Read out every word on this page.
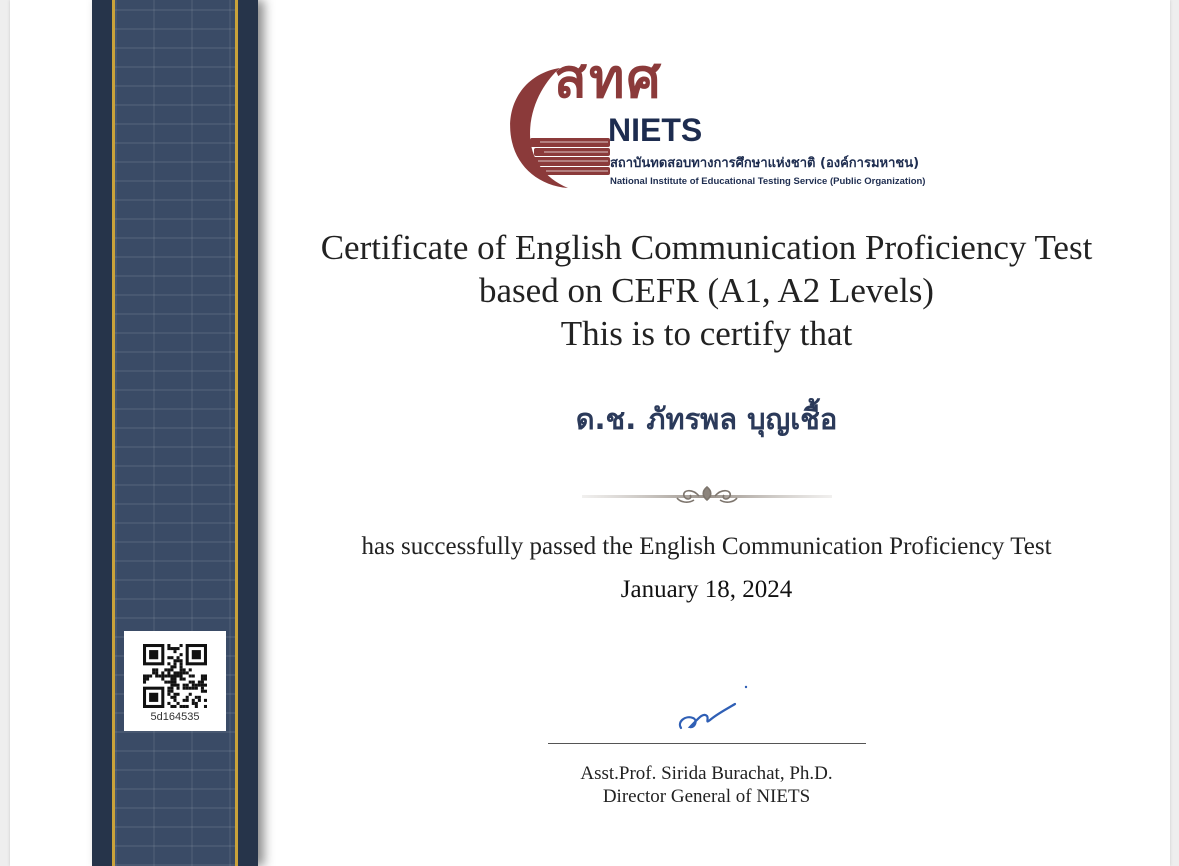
5d164535
สทศ
NIETS
สถาบันทดสอบทางการศึกษาแห่งชาติ (องค์การมหาชน)
National Institute of Educational Testing Service (Public Organization)
Certificate of English Communication Proficiency Test
based on CEFR (A1, A2 Levels)
This is to certify that
ด.ช. ภัทรพล บุญเชื้อ
has successfully passed the English Communication Proficiency Test
January 18, 2024
Asst.Prof. Sirida Burachat, Ph.D.
Director General of NIETS
